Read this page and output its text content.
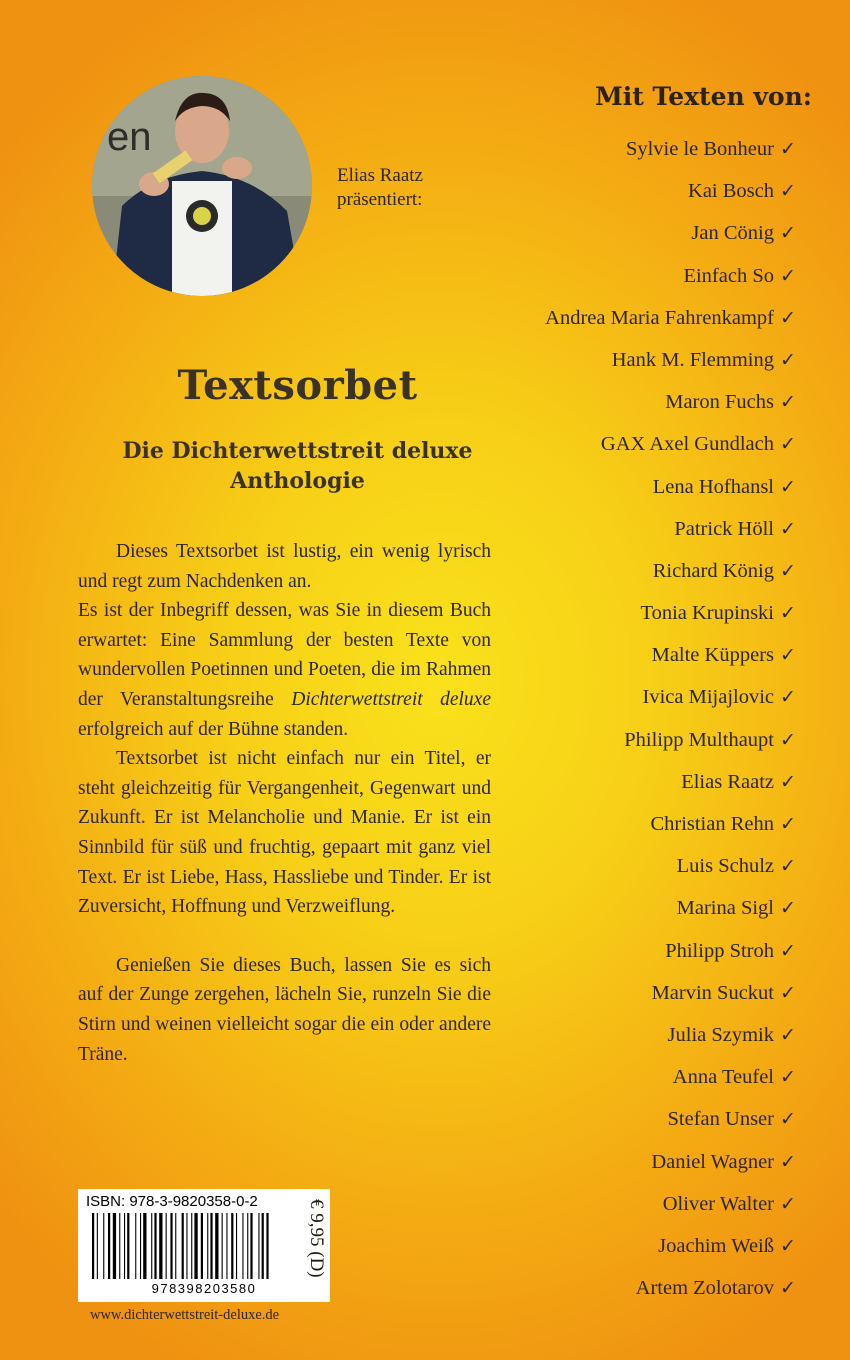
en
Elias Raatz
präsentiert:
Textsorbet
Die Dichterwettstreit deluxe
Anthologie

Dieses Textsorbet ist lustig, ein wenig lyrisch und regt zum Nachdenken an.

Es ist der Inbegriff dessen, was Sie in diesem Buch erwartet: Eine Sammlung der besten Texte von wundervollen Poetinnen und Poeten, die im Rahmen der Veranstaltungsreihe Dichterwettstreit deluxe erfolgreich auf der Bühne standen.

Textsorbet ist nicht einfach nur ein Titel, er steht gleichzeitig für Vergangenheit, Gegenwart und Zukunft. Er ist Melancholie und Manie. Er ist ein Sinnbild für süß und fruchtig, gepaart mit ganz viel Text. Er ist Liebe, Hass, Hassliebe und Tinder. Er ist Zuversicht, Hoffnung und Verzweiflung.

Genießen Sie dieses Buch, lassen Sie es sich auf der Zunge zergehen, lächeln Sie, runzeln Sie die Stirn und weinen vielleicht sogar die ein oder andere Träne.

Mit Texten von:
Sylvie le Bonheur ✓
Kai Bosch ✓
Jan Cönig ✓
Einfach So ✓
Andrea Maria Fahrenkampf ✓
Hank M. Flemming ✓
Maron Fuchs ✓
GAX Axel Gundlach ✓
Lena Hofhansl ✓
Patrick Höll ✓
Richard König ✓
Tonia Krupinski ✓
Malte Küppers ✓
Ivica Mijajlovic ✓
Philipp Multhaupt ✓
Elias Raatz ✓
Christian Rehn ✓
Luis Schulz ✓
Marina Sigl ✓
Philipp Stroh ✓
Marvin Suckut ✓
Julia Szymik ✓
Anna Teufel ✓
Stefan Unser ✓
Daniel Wagner ✓
Oliver Walter ✓
Joachim Weiß ✓
Artem Zolotarov ✓
ISBN: 978-3-9820358-0-2
978398203580
€ 9,95 (D)
www.dichterwettstreit-deluxe.de
